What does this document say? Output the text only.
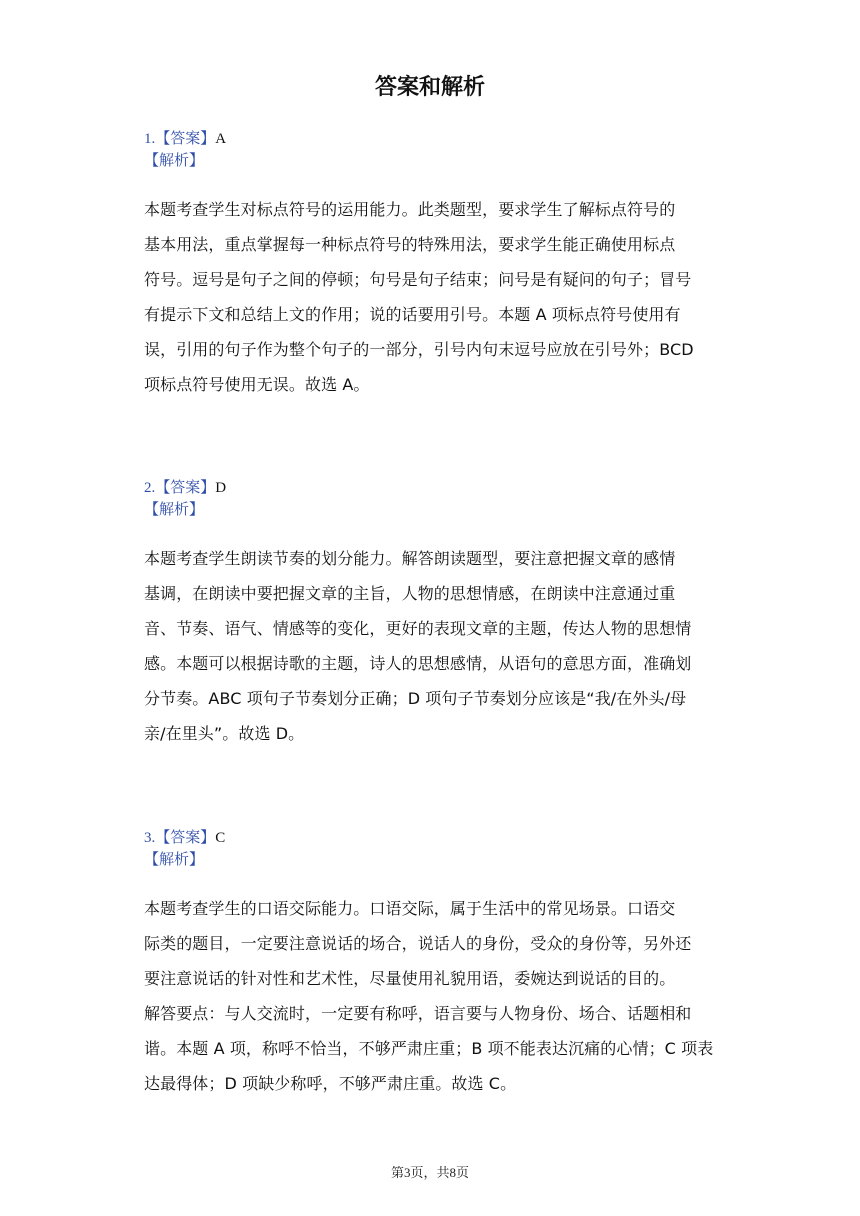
答案和解析
1.【答案】A
【解析】
本题考查学生对标点符号的运用能力。此类题型，要求学生了解标点符号的
基本用法，重点掌握每一种标点符号的特殊用法，要求学生能正确使用标点
符号。逗号是句子之间的停顿；句号是句子结束；问号是有疑问的句子；冒号
有提示下文和总结上文的作用；说的话要用引号。本题 A 项标点符号使用有
误，引用的句子作为整个句子的一部分，引号内句末逗号应放在引号外；BCD
项标点符号使用无误。故选 A。
2.【答案】D
【解析】
本题考查学生朗读节奏的划分能力。解答朗读题型，要注意把握文章的感情
基调，在朗读中要把握文章的主旨，人物的思想情感，在朗读中注意通过重
音、节奏、语气、情感等的变化，更好的表现文章的主题，传达人物的思想情
感。本题可以根据诗歌的主题，诗人的思想感情，从语句的意思方面，准确划
分节奏。ABC 项句子节奏划分正确；D 项句子节奏划分应该是“我/在外头/母
亲/在里头”。故选 D。
3.【答案】C
【解析】
本题考查学生的口语交际能力。口语交际，属于生活中的常见场景。口语交
际类的题目，一定要注意说话的场合，说话人的身份，受众的身份等，另外还
要注意说话的针对性和艺术性，尽量使用礼貌用语，委婉达到说话的目的。
解答要点：与人交流时，一定要有称呼，语言要与人物身份、场合、话题相和
谐。本题 A 项，称呼不恰当，不够严肃庄重；B 项不能表达沉痛的心情；C 项表
达最得体；D 项缺少称呼，不够严肃庄重。故选 C。
第3页，共8页
